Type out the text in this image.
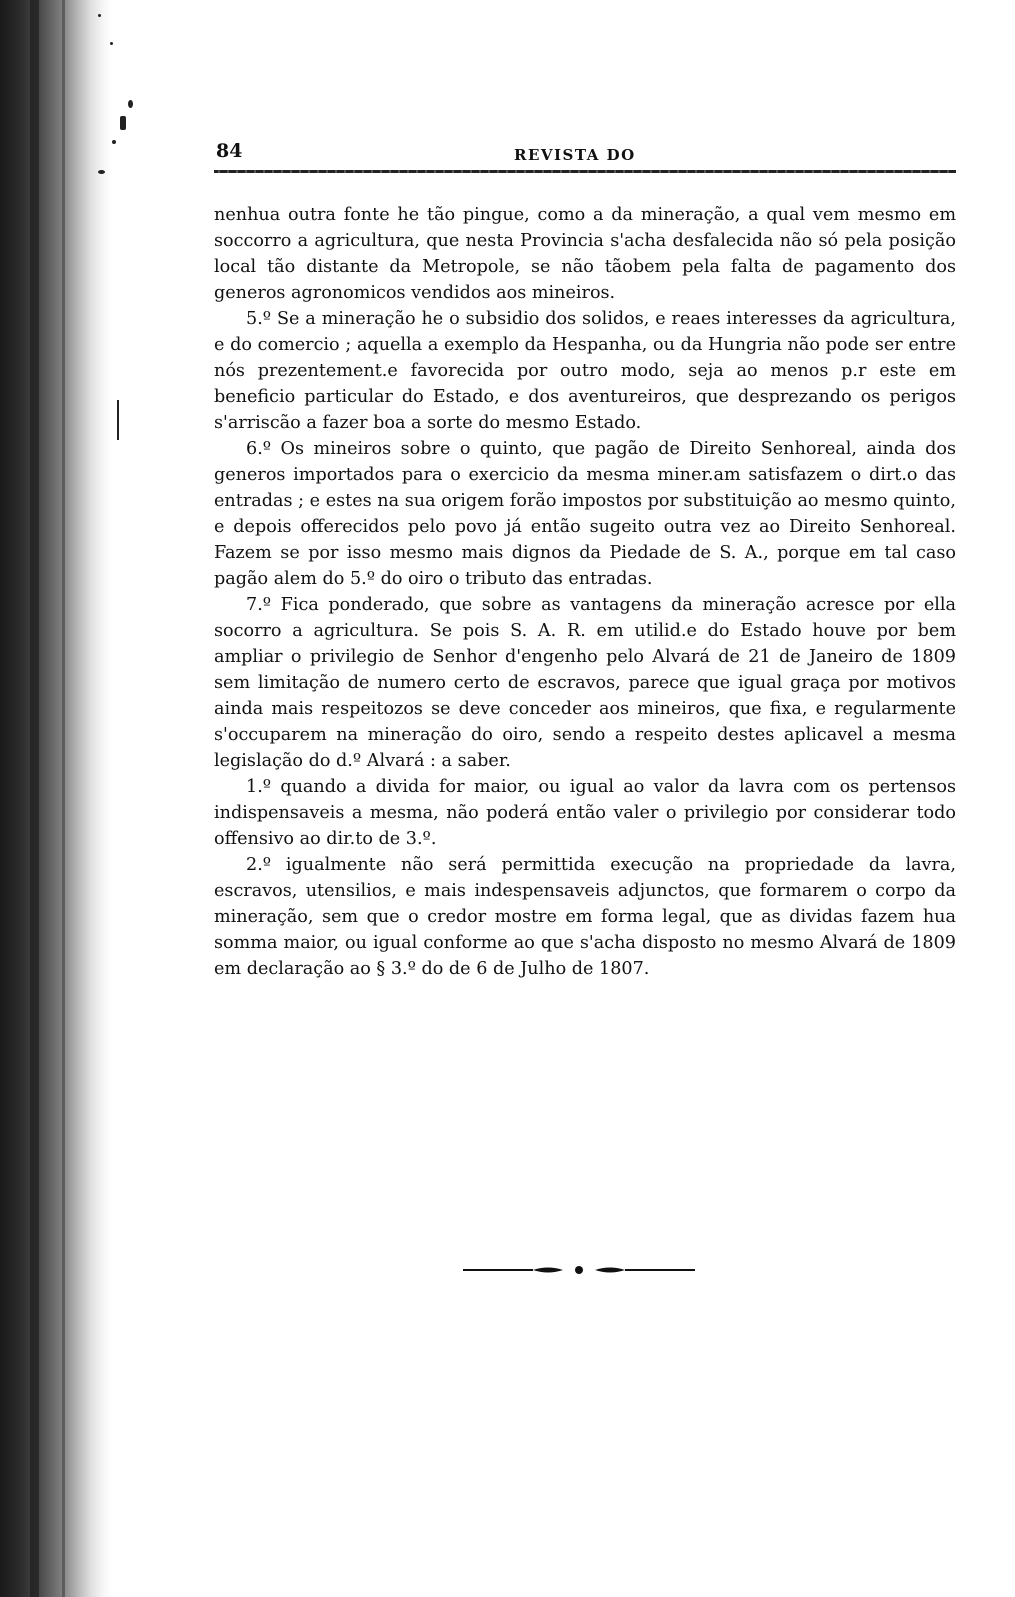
84	REVISTA DO

nenhua outra fonte he tão pingue, como a da mineração, a qual vem mesmo em soccorro a agricultura, que nesta Provincia s'acha desfalecida não só pela posição local tão distante da Metropole, se não tãobem pela falta de pagamento dos generos agronomicos vendidos aos mineiros.

5.º Se a mineração he o subsidio dos solidos, e reaes interesses da agricultura, e do comercio ; aquella a exemplo da Hespanha, ou da Hungria não pode ser entre nós prezentement.e favorecida por outro modo, seja ao menos p.r este em beneficio particular do Estado, e dos aventureiros, que desprezando os perigos s'arriscão a fazer boa a sorte do mesmo Estado.

6.º Os mineiros sobre o quinto, que pagão de Direito Senhoreal, ainda dos generos importados para o exercicio da mesma miner.am satisfazem o dirt.o das entradas ; e estes na sua origem forão impostos por substituição ao mesmo quinto, e depois offerecidos pelo povo já então sugeito outra vez ao Direito Senhoreal. Fazem se por isso mesmo mais dignos da Piedade de S. A., porque em tal caso pagão alem do 5.º do oiro o tributo das entradas.

7.º Fica ponderado, que sobre as vantagens da mineração acresce por ella socorro a agricultura. Se pois S. A. R. em utilid.e do Estado houve por bem ampliar o privilegio de Senhor d'engenho pelo Alvará de 21 de Janeiro de 1809 sem limitação de numero certo de escravos, parece que igual graça por motivos ainda mais respeitozos se deve conceder aos mineiros, que fixa, e regularmente s'occuparem na mineração do oiro, sendo a respeito destes aplicavel a mesma legislação do d.º Alvará : a saber.

1.º quando a divida for maior, ou igual ao valor da lavra com os pertensos indispensaveis a mesma, não poderá então valer o privilegio por considerar todo offensivo ao dir.to de 3.º.

2.º igualmente não será permittida execução na propriedade da lavra, escravos, utensilios, e mais indespensaveis adjunctos, que formarem o corpo da mineração, sem que o credor mostre em forma legal, que as dividas fazem hua somma maior, ou igual conforme ao que s'acha disposto no mesmo Alvará de 1809 em declaração ao § 3.º do de 6 de Julho de 1807.
